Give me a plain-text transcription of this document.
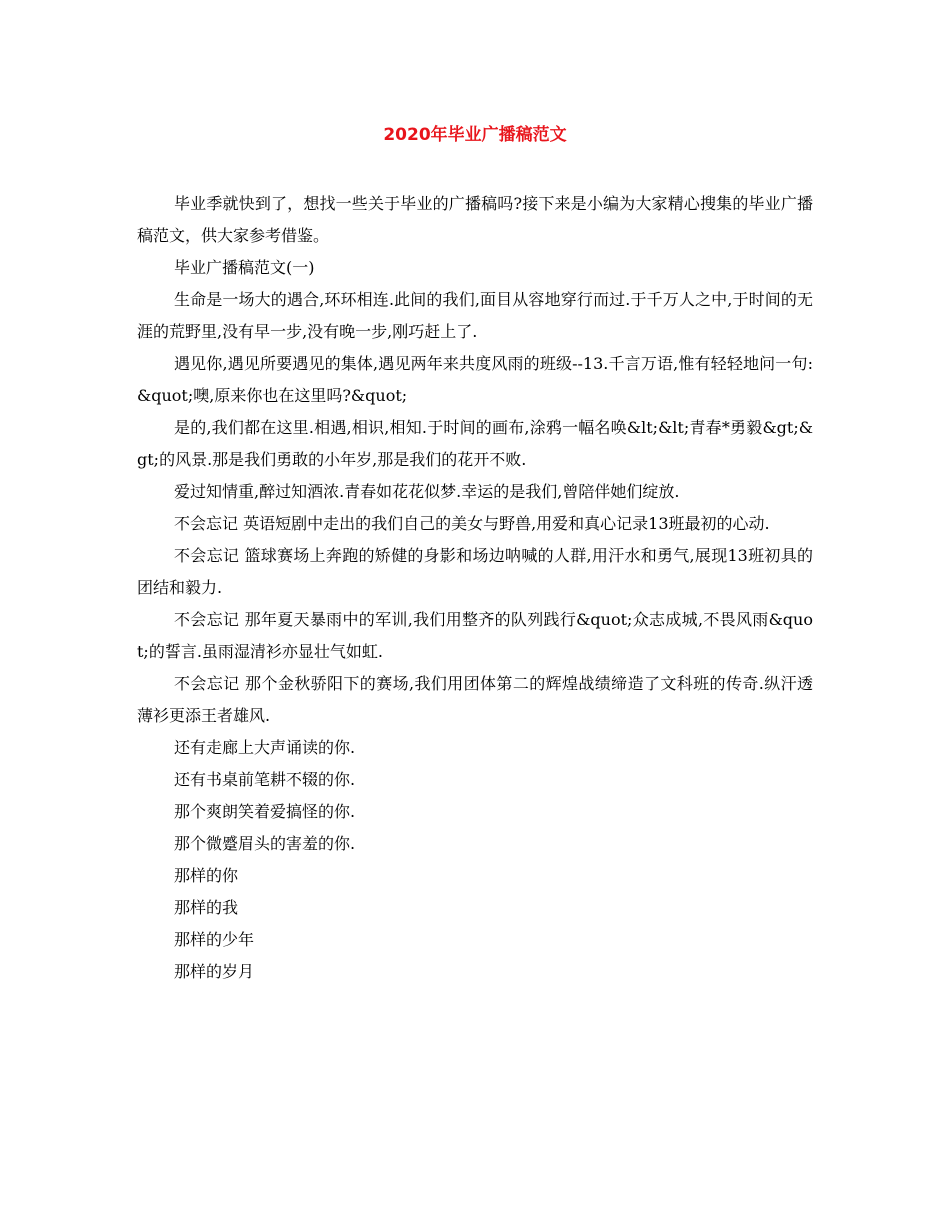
2020年毕业广播稿范文

毕业季就快到了，想找一些关于毕业的广播稿吗?接下来是小编为大家精心搜集的毕业广播稿范文，供大家参考借鉴。

毕业广播稿范文(一)

生命是一场大的遇合,环环相连.此间的我们,面目从容地穿行而过.于千万人之中,于时间的无涯的荒野里,没有早一步,没有晚一步,刚巧赶上了.

遇见你,遇见所要遇见的集体,遇见两年来共度风雨的班级--13.千言万语,惟有轻轻地问一句:&quot;噢,原来你也在这里吗?&quot;

是的,我们都在这里.相遇,相识,相知.于时间的画布,涂鸦一幅名唤&lt;&lt;青春*勇毅&gt;&gt;的风景.那是我们勇敢的小年岁,那是我们的花开不败.

爱过知情重,醉过知酒浓.青春如花花似梦.幸运的是我们,曾陪伴她们绽放.

不会忘记 英语短剧中走出的我们自己的美女与野兽,用爱和真心记录13班最初的心动.

不会忘记 篮球赛场上奔跑的矫健的身影和场边呐喊的人群,用汗水和勇气,展现13班初具的团结和毅力.

不会忘记 那年夏天暴雨中的军训,我们用整齐的队列践行&quot;众志成城,不畏风雨&quot;的誓言.虽雨湿清衫亦显壮气如虹.

不会忘记 那个金秋骄阳下的赛场,我们用团体第二的辉煌战绩缔造了文科班的传奇.纵汗透薄衫更添王者雄风.

还有走廊上大声诵读的你.

还有书桌前笔耕不辍的你.

那个爽朗笑着爱搞怪的你.

那个微蹙眉头的害羞的你.

那样的你

那样的我

那样的少年

那样的岁月
